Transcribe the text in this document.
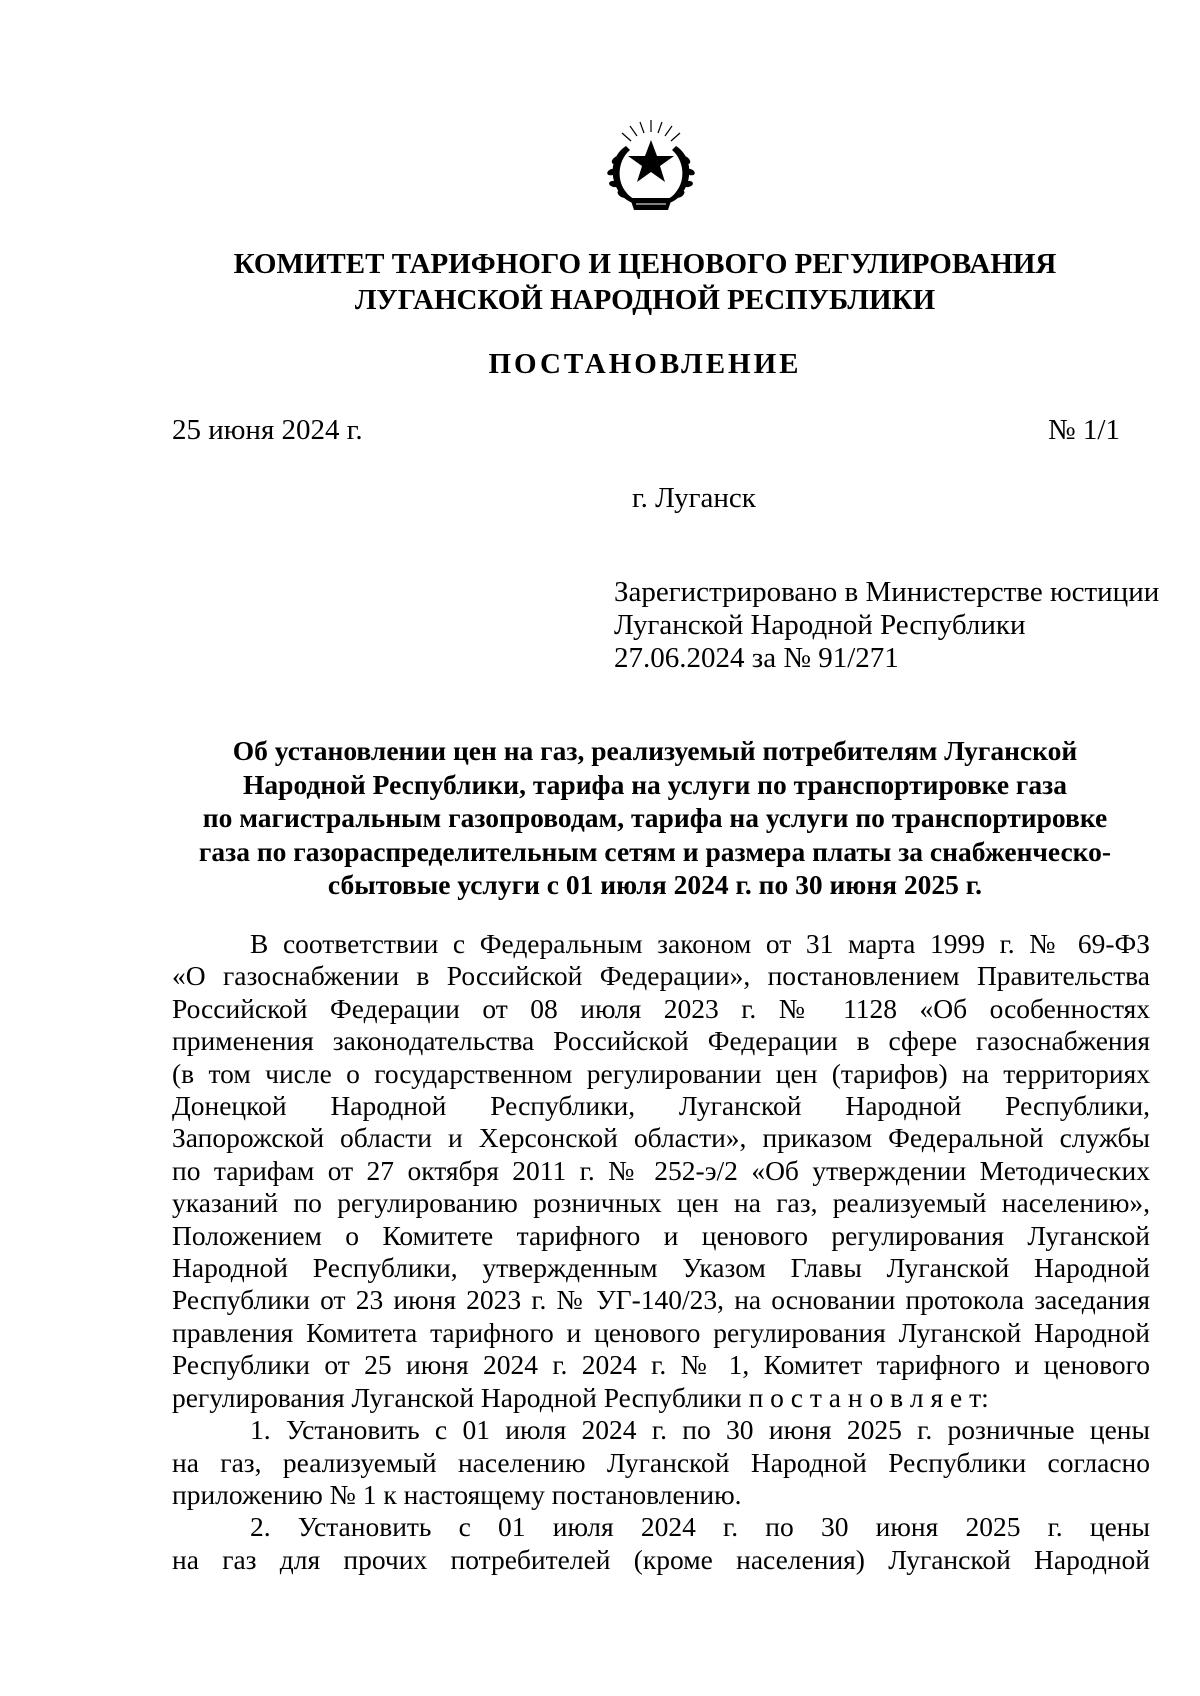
КОМИТЕТ ТАРИФНОГО И ЦЕНОВОГО РЕГУЛИРОВАНИЯ
ЛУГАНСКОЙ НАРОДНОЙ РЕСПУБЛИКИ
ПОСТАНОВЛЕНИЕ
25 июня 2024 г.	№ 1/1
г. Луганск
Зарегистрировано в Министерстве юстиции
Луганской Народной Республики
27.06.2024 за № 91/271
Об установлении цен на газ, реализуемый потребителям Луганской
Народной Республики, тарифа на услуги по транспортировке газа
по магистральным газопроводам, тарифа на услуги по транспортировке
газа по газораспределительным сетям и размера платы за снабженческо-
сбытовые услуги с 01 июля 2024 г. по 30 июня 2025 г.
В соответствии с Федеральным законом от 31 марта 1999 г. № 69-ФЗ
«О газоснабжении в Российской Федерации», постановлением Правительства
Российской Федерации от 08 июля 2023 г. № 1128 «Об особенностях
применения законодательства Российской Федерации в сфере газоснабжения
(в том числе о государственном регулировании цен (тарифов) на территориях
Донецкой Народной Республики, Луганской Народной Республики,
Запорожской области и Херсонской области», приказом Федеральной службы
по тарифам от 27 октября 2011 г. № 252-э/2 «Об утверждении Методических
указаний по регулированию розничных цен на газ, реализуемый населению»,
Положением о Комитете тарифного и ценового регулирования Луганской
Народной Республики, утвержденным Указом Главы Луганской Народной
Республики от 23 июня 2023 г. № УГ-140/23, на основании протокола заседания
правления Комитета тарифного и ценового регулирования Луганской Народной
Республики от 25 июня 2024 г. 2024 г. № 1, Комитет тарифного и ценового
регулирования Луганской Народной Республики п о с т а н о в л я е т:
1. Установить с 01 июля 2024 г. по 30 июня 2025 г. розничные цены
на газ, реализуемый населению Луганской Народной Республики согласно
приложению № 1 к настоящему постановлению.
2. Установить с 01 июля 2024 г. по 30 июня 2025 г. цены
на газ для прочих потребителей (кроме населения) Луганской Народной
